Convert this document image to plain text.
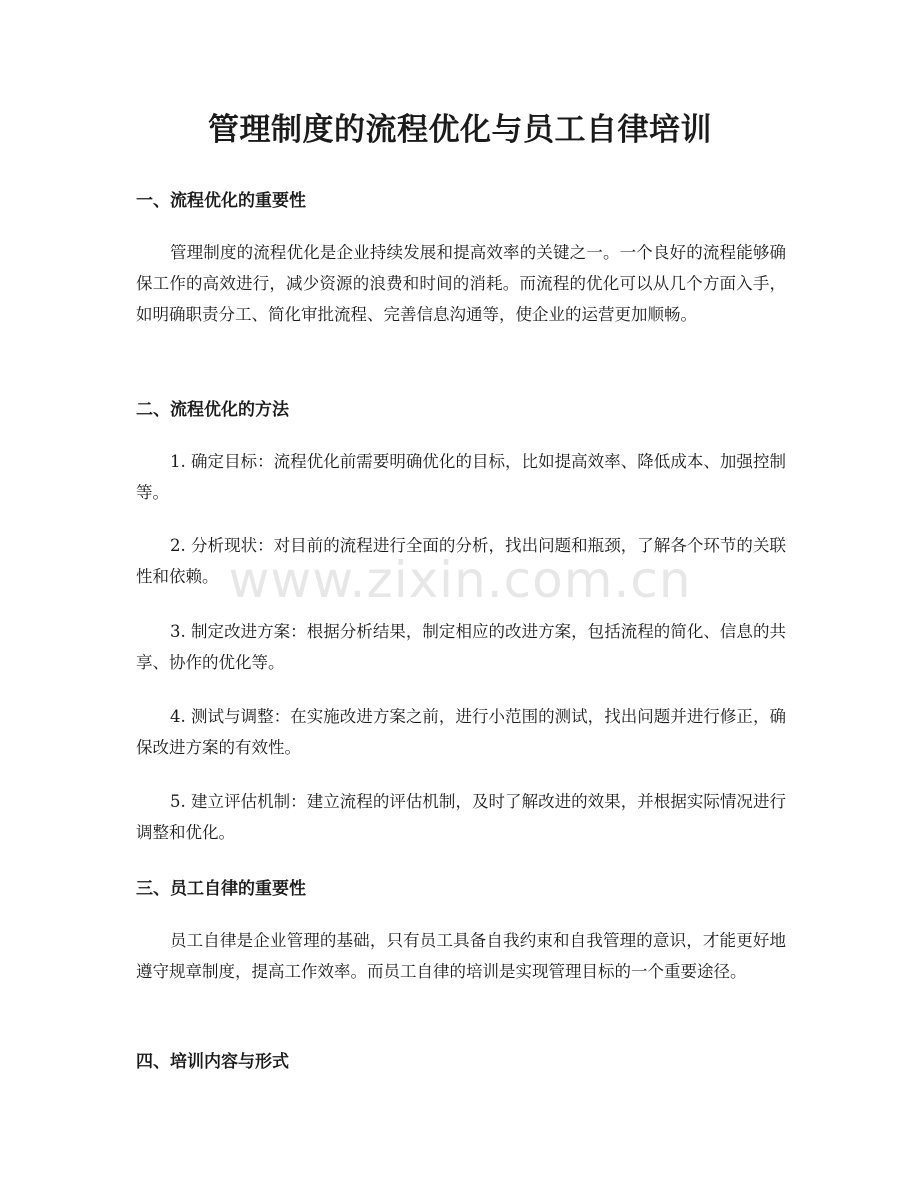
管理制度的流程优化与员工自律培训
一、流程优化的重要性

管理制度的流程优化是企业持续发展和提高效率的关键之一。一个良好的流程能够确保工作的高效进行，减少资源的浪费和时间的消耗。而流程的优化可以从几个方面入手，如明确职责分工、简化审批流程、完善信息沟通等，使企业的运营更加顺畅。

二、流程优化的方法

1. 确定目标：流程优化前需要明确优化的目标，比如提高效率、降低成本、加强控制等。

2. 分析现状：对目前的流程进行全面的分析，找出问题和瓶颈，了解各个环节的关联性和依赖。

3. 制定改进方案：根据分析结果，制定相应的改进方案，包括流程的简化、信息的共享、协作的优化等。

4. 测试与调整：在实施改进方案之前，进行小范围的测试，找出问题并进行修正，确保改进方案的有效性。

5. 建立评估机制：建立流程的评估机制，及时了解改进的效果，并根据实际情况进行调整和优化。

三、员工自律的重要性

员工自律是企业管理的基础，只有员工具备自我约束和自我管理的意识，才能更好地遵守规章制度，提高工作效率。而员工自律的培训是实现管理目标的一个重要途径。

四、培训内容与形式
www.zixin.com.cn
